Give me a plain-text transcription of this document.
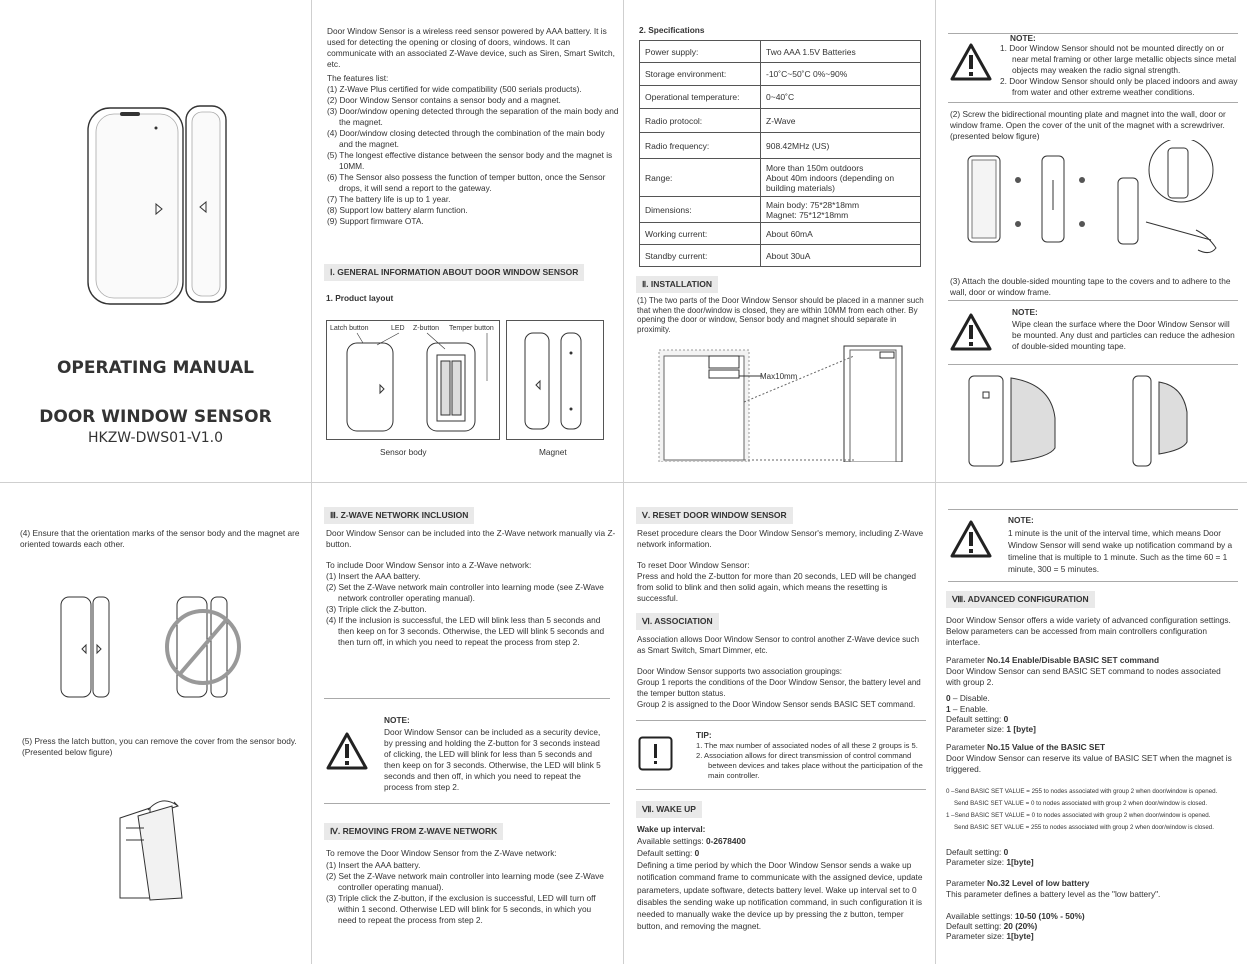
OPERATING MANUAL
DOOR WINDOW SENSOR
HKZW-DWS01-V1.0
Door Window Sensor is a wireless reed sensor powered by AAA battery. It is used for detecting the opening or closing of doors, windows. It can communicate with an associated Z-Wave device, such as Siren, Smart Switch, etc.
The features list:

(1) Z-Wave Plus certified for wide compatibility (500 serials products).

(2) Door Window Sensor contains a sensor body and a magnet.

(3) Door/window opening detected through the separation of the main body and the magnet.

(4) Door/window closing detected through the combination of the main body and the magnet.

(5) The longest effective distance between the sensor body and the magnet is 10MM.

(6) The Sensor also possess the function of temper button, once the Sensor drops, it will send a report to the gateway.

(7) The battery life is up to 1 year.

(8) Support low battery alarm function.

(9) Support firmware OTA.

Ⅰ. GENERAL INFORMATION ABOUT DOOR WINDOW SENSOR
1. Product layout
Latch button	LED Z-button Temper button
Sensor body	Magnet
2. Specifications
Power supply:	Two AAA 1.5V Batteries
Storage environment:	-10˚C~50˚C 0%~90%
Operational temperature:	0~40˚C
Radio protocol:	Z-Wave
Radio frequency:	908.42MHz (US)
Range:	More than 150m outdoors
About 40m indoors (depending on building materials)
Dimensions:	Main body: 75*28*18mm
Magnet: 75*12*18mm
Working current:	About 60mA
Standby current:	About 30uA
Ⅱ. INSTALLATION
(1) The two parts of the Door Window Sensor should be placed in a manner such that when the door/window is closed, they are within 10MM from each other. By opening the door or window, Sensor body and magnet should separate in proximity.
Max10mm
NOTE:

1. Door Window Sensor should not be mounted directly on or near metal framing or other large metallic objects since metal objects may weaken the radio signal strength.

2. Door Window Sensor should only be placed indoors and away from water and other extreme weather conditions.

(2) Screw the bidirectional mounting plate and magnet into the wall, door or window frame. Open the cover of the unit of the magnet with a screwdriver. (presented below figure)
(3) Attach the double-sided mounting tape to the covers and to adhere to the wall, door or window frame.
NOTE:
Wipe clean the surface where the Door Window Sensor will be mounted. Any dust and particles can reduce the adhesion of double-sided mounting tape.
(4) Ensure that the orientation marks of the sensor body and the magnet are oriented towards each other.
(5) Press the latch button, you can remove the cover from the sensor body. (Presented below figure)
Ⅲ. Z-WAVE NETWORK INCLUSION
Door Window Sensor can be included into the Z-Wave network manually via Z-button.
To include Door Window Sensor into a Z-Wave network:

(1) Insert the AAA battery.

(2) Set the Z-Wave network main controller into learning mode (see Z-Wave network controller operating manual).

(3) Triple click the Z-button.

(4) If the inclusion is successful, the LED will blink less than 5 seconds and then keep on for 3 seconds. Otherwise, the LED will blink 5 seconds and then turn off, in which you need to repeat the process from step 2.

NOTE:
Door Window Sensor can be included as a security device, by pressing and holding the Z-button for 3 seconds instead of clicking, the LED will blink for less than 5 seconds and then keep on for 3 seconds. Otherwise, the LED will blink 5 seconds and then off, in which you need to repeat the process from step 2.
Ⅳ. REMOVING FROM Z-WAVE NETWORK
To remove the Door Window Sensor from the Z-Wave network:

(1) Insert the AAA battery.

(2) Set the Z-Wave network main controller into learning mode (see Z-Wave controller operating manual).

(3) Triple click the Z-button, if the exclusion is successful, LED will turn off within 1 second. Otherwise LED will blink for 5 seconds, in which you need to repeat the process from step 2.

Ⅴ. RESET DOOR WINDOW SENSOR
Reset procedure clears the Door Window Sensor's memory, including Z-Wave network information.
To reset Door Window Sensor:
Press and hold the Z-button for more than 20 seconds, LED will be changed from solid to blink and then solid again, which means the resetting is successful.
Ⅵ. ASSOCIATION
Association allows Door Window Sensor to control another Z-Wave device such as Smart Switch, Smart Dimmer, etc.
Door Window Sensor supports two association groupings:
Group 1 reports the conditions of the Door Window Sensor, the battery level and the temper button status.
Group 2 is assigned to the Door Window Sensor sends BASIC SET command.
TIP:

1. The max number of associated nodes of all these 2 groups is 5.

2. Association allows for direct transmission of control command between devices and takes place without the participation of the main controller.

Ⅶ. WAKE UP
Wake up interval:
Available settings: 0-2678400
Default setting: 0
Defining a time period by which the Door Window Sensor sends a wake up notification command frame to communicate with the assigned device, update parameters, update software, detects battery level. Wake up interval set to 0 disables the sending wake up notification command, in such configuration it is needed to manually wake the device up by pressing the z button, temper button, and removing the magnet.
NOTE:
1 minute is the unit of the interval time, which means Door Window Sensor will send wake up notification command by a timeline that is multiple to 1 minute. Such as the time 60 = 1 minute, 300 = 5 minutes.
Ⅷ. ADVANCED CONFIGURATION
Door Window Sensor offers a wide variety of advanced configuration settings. Below parameters can be accessed from main controllers configuration interface.
Parameter No.14 Enable/Disable BASIC SET command
Door Window Sensor can send BASIC SET command to nodes associated with group 2.
0 – Disable.
1 – Enable.
Default setting: 0
Parameter size: 1 [byte]
Parameter No.15 Value of the BASIC SET
Door Window Sensor can reserve its value of BASIC SET when the magnet is triggered.

0 –Send BASIC SET VALUE = 255 to nodes associated with group 2 when door/window is opened.

Send BASIC SET VALUE = 0 to nodes associated with group 2 when door/window is closed.

1 –Send BASIC SET VALUE = 0 to nodes associated with group 2 when door/window is opened.

Send BASIC SET VALUE = 255 to nodes associated with group 2 when door/window is closed.

Default setting: 0
Parameter size: 1[byte]
Parameter No.32 Level of low battery
This parameter defines a battery level as the "low battery".
Available settings: 10-50 (10% - 50%)
Default setting: 20 (20%)
Parameter size: 1[byte]
